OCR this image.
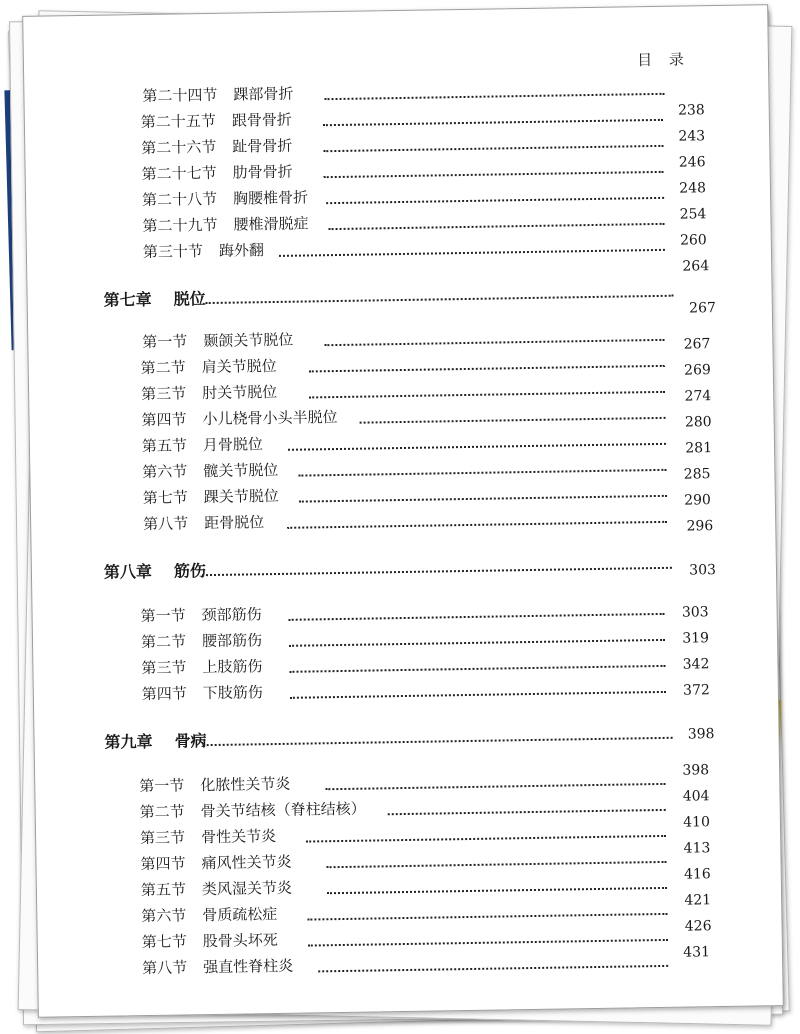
目 录
第二十四节 踝部骨折
第二十五节 跟骨骨折
第二十六节 趾骨骨折
第二十七节 肋骨骨折
第二十八节 胸腰椎骨折
第二十九节 腰椎滑脱症
第三十节 踇外翻
第七章 脱位
第一节 颞颌关节脱位
第二节 肩关节脱位
第三节 肘关节脱位
第四节 小儿桡骨小头半脱位
第五节 月骨脱位
第六节 髋关节脱位
第七节 踝关节脱位
第八节 距骨脱位
第八章 筋伤
第一节 颈部筋伤
第二节 腰部筋伤
第三节 上肢筋伤
第四节 下肢筋伤
第九章 骨病
第一节 化脓性关节炎
第二节 骨关节结核（脊柱结核）
第三节 骨性关节炎
第四节 痛风性关节炎
第五节 类风湿关节炎
第六节 骨质疏松症
第七节 股骨头坏死
第八节 强直性脊柱炎
238
243
246
248
254
260
264
267
267
269
274
280
281
285
290
296
303
303
319
342
372
398
398
404
410
413
416
421
426
431
